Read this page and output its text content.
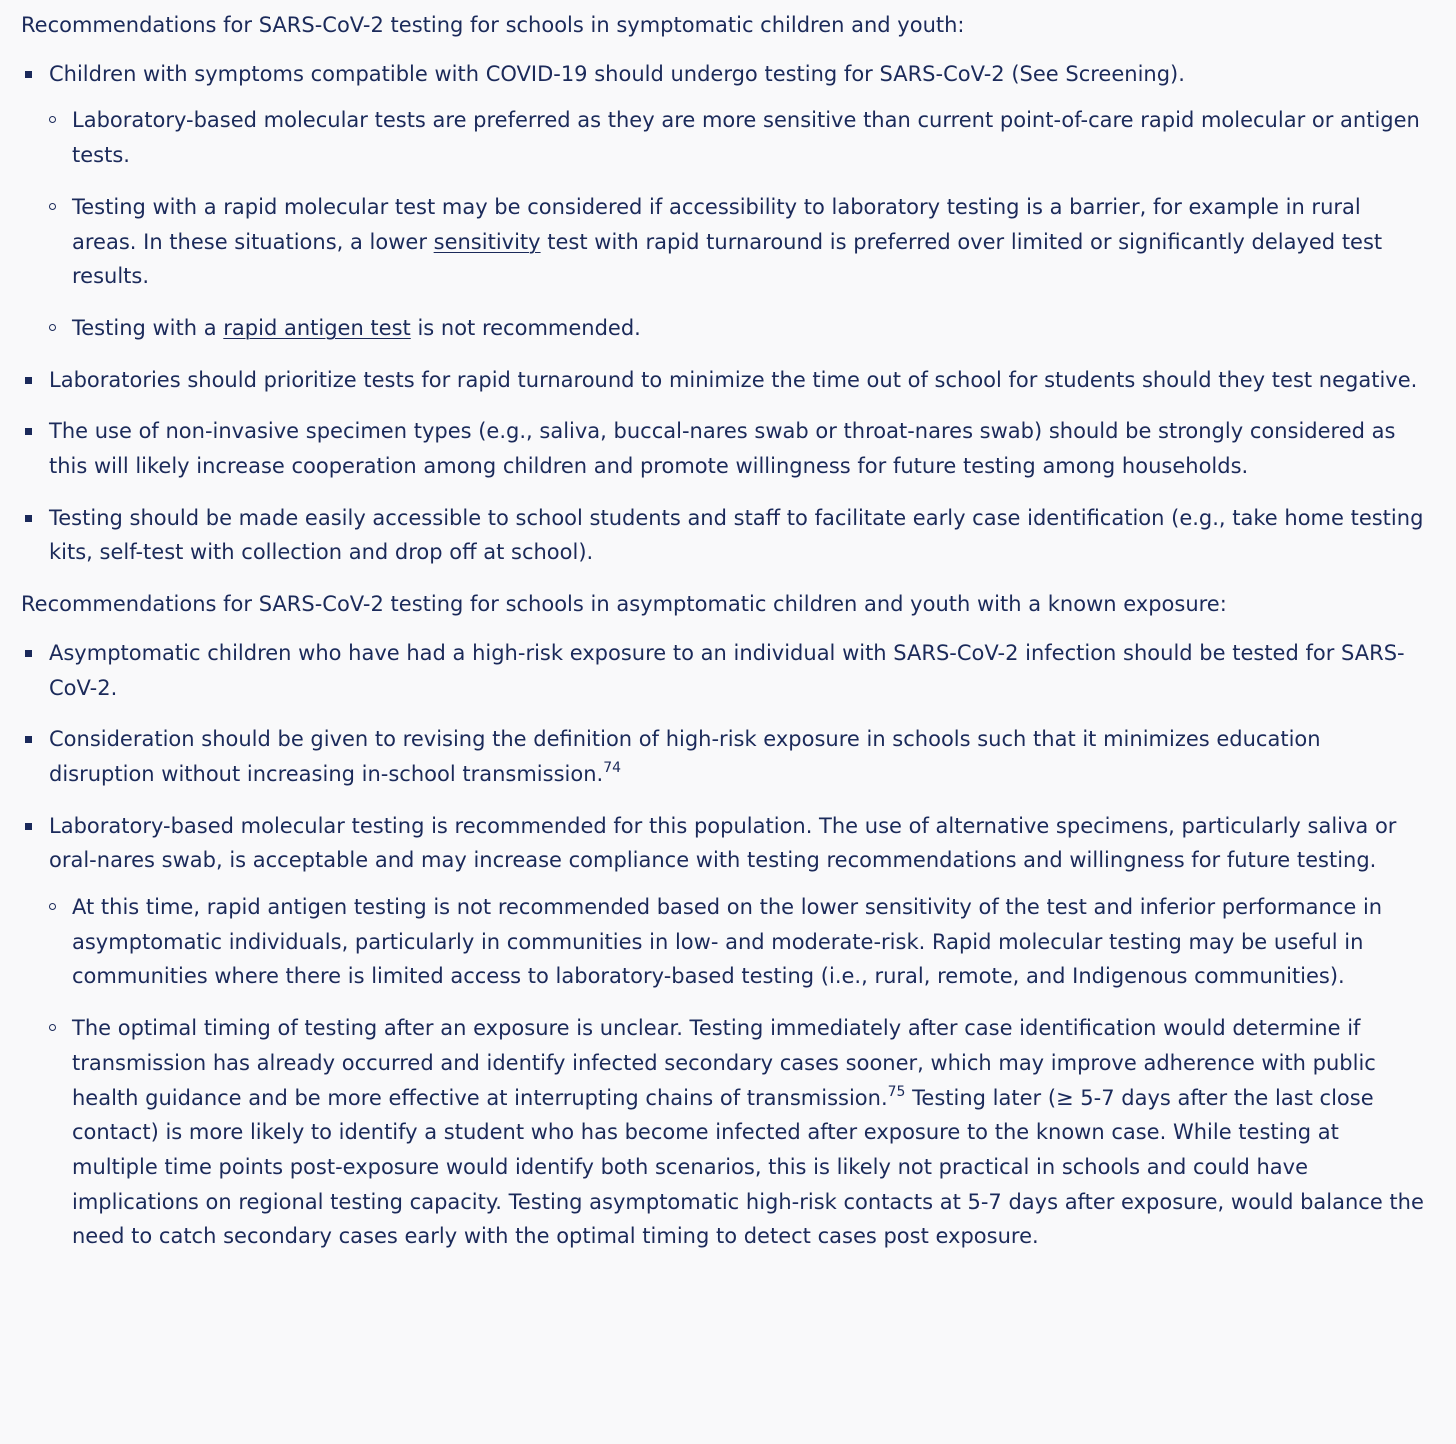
Recommendations for SARS-CoV-2 testing for schools in symptomatic children and youth:

Children with symptoms compatible with COVID-19 should undergo testing for SARS-CoV-2 (See Screening).
Laboratory-based molecular tests are preferred as they are more sensitive than current point-of-care rapid molecular or antigen tests.
Testing with a rapid molecular test may be considered if accessibility to laboratory testing is a barrier, for example in rural areas. In these situations, a lower sensitivity test with rapid turnaround is preferred over limited or significantly delayed test results.
Testing with a rapid antigen test is not recommended.
Laboratories should prioritize tests for rapid turnaround to minimize the time out of school for students should they test negative.
The use of non-invasive specimen types (e.g., saliva, buccal-nares swab or throat-nares swab) should be strongly considered as this will likely increase cooperation among children and promote willingness for future testing among households.
Testing should be made easily accessible to school students and staff to facilitate early case identification (e.g., take home testing kits, self-test with collection and drop off at school).

Recommendations for SARS-CoV-2 testing for schools in asymptomatic children and youth with a known exposure:

Asymptomatic children who have had a high-risk exposure to an individual with SARS-CoV-2 infection should be tested for SARS-CoV-2.
Consideration should be given to revising the definition of high-risk exposure in schools such that it minimizes education disruption without increasing in-school transmission.$^{74}$
Laboratory-based molecular testing is recommended for this population. The use of alternative specimens, particularly saliva or oral-nares swab, is acceptable and may increase compliance with testing recommendations and willingness for future testing.
At this time, rapid antigen testing is not recommended based on the lower sensitivity of the test and inferior performance in asymptomatic individuals, particularly in communities in low- and moderate-risk. Rapid molecular testing may be useful in communities where there is limited access to laboratory-based testing (i.e., rural, remote, and Indigenous communities).
The optimal timing of testing after an exposure is unclear. Testing immediately after case identification would determine if transmission has already occurred and identify infected secondary cases sooner, which may improve adherence with public health guidance and be more effective at interrupting chains of transmission.$^{75}$ Testing later (≥ 5-7 days after the last close contact) is more likely to identify a student who has become infected after exposure to the known case. While testing at multiple time points post-exposure would identify both scenarios, this is likely not practical in schools and could have implications on regional testing capacity. Testing asymptomatic high-risk contacts at 5-7 days after exposure, would balance the need to catch secondary cases early with the optimal timing to detect cases post exposure.
